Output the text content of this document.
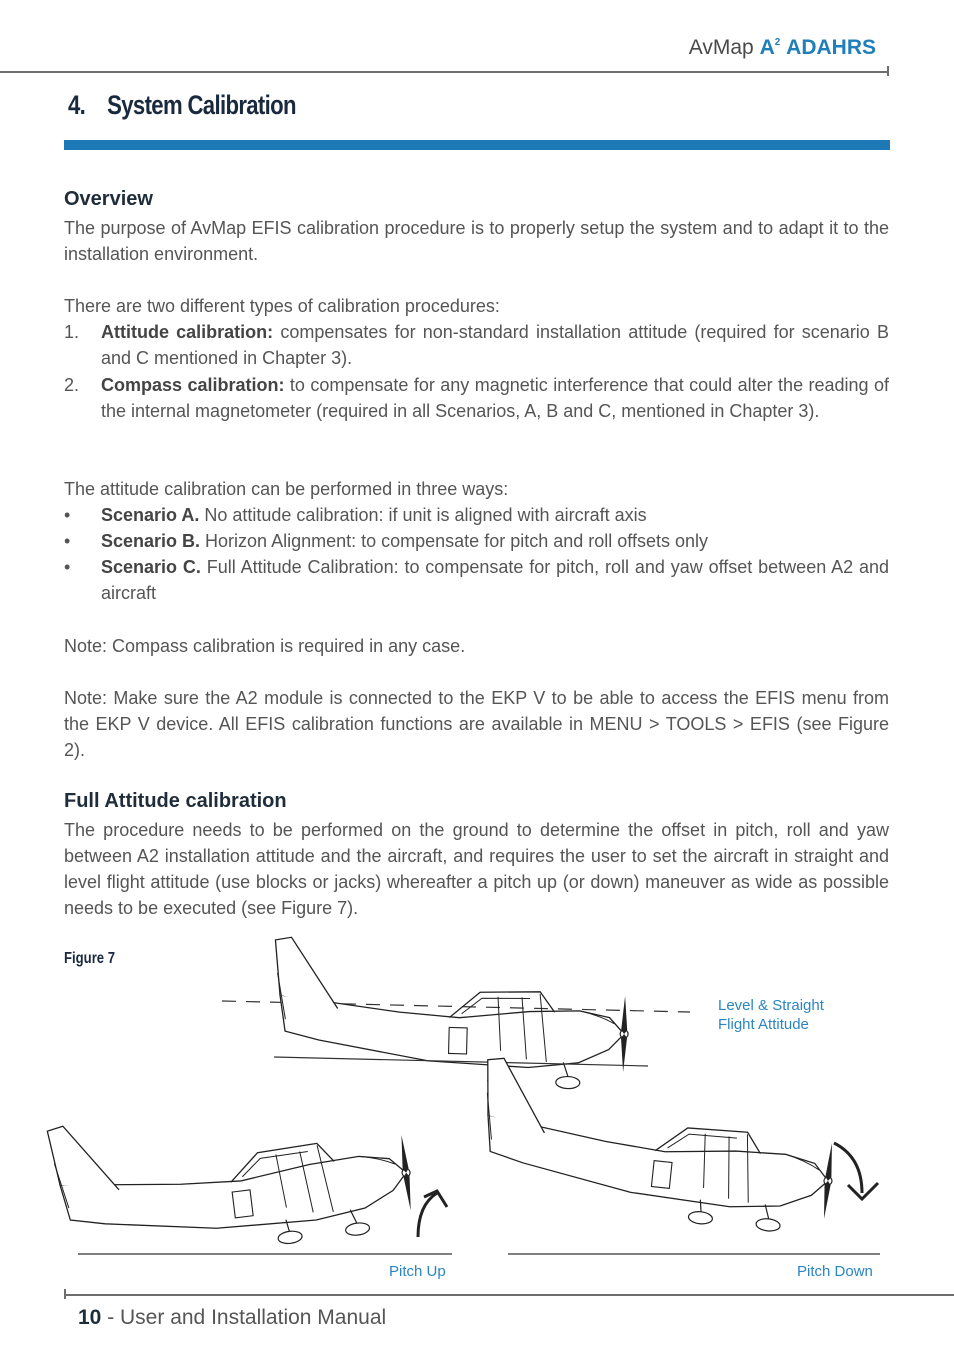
AvMap $A^2$ ADAHRS
4. System Calibration
Overview
The purpose of AvMap EFIS calibration procedure is to properly setup the system and to adapt it to the installation environment.
There are two different types of calibration procedures:
1. Attitude calibration: compensates for non-standard installation attitude (required for scenario B and C mentioned in Chapter 3).
2. Compass calibration: to compensate for any magnetic interference that could alter the reading of the internal magnetometer (required in all Scenarios, A, B and C, mentioned in Chapter 3).
The attitude calibration can be performed in three ways:
• Scenario A. No attitude calibration: if unit is aligned with aircraft axis
• Scenario B. Horizon Alignment: to compensate for pitch and roll offsets only
• Scenario C. Full Attitude Calibration: to compensate for pitch, roll and yaw offset between A2 and aircraft
Note: Compass calibration is required in any case.
Note: Make sure the A2 module is connected to the EKP V to be able to access the EFIS menu from the EKP V device. All EFIS calibration functions are available in MENU > TOOLS > EFIS (see Figure 2).
Full Attitude calibration
The procedure needs to be performed on the ground to determine the offset in pitch, roll and yaw between A2 installation attitude and the aircraft, and requires the user to set the aircraft in straight and level flight attitude (use blocks or jacks) whereafter a pitch up (or down) maneuver as wide as possible needs to be executed (see Figure 7).
Figure 7
Level & Straight
Flight Attitude
Pitch Up	Pitch Down
10 - User and Installation Manual
